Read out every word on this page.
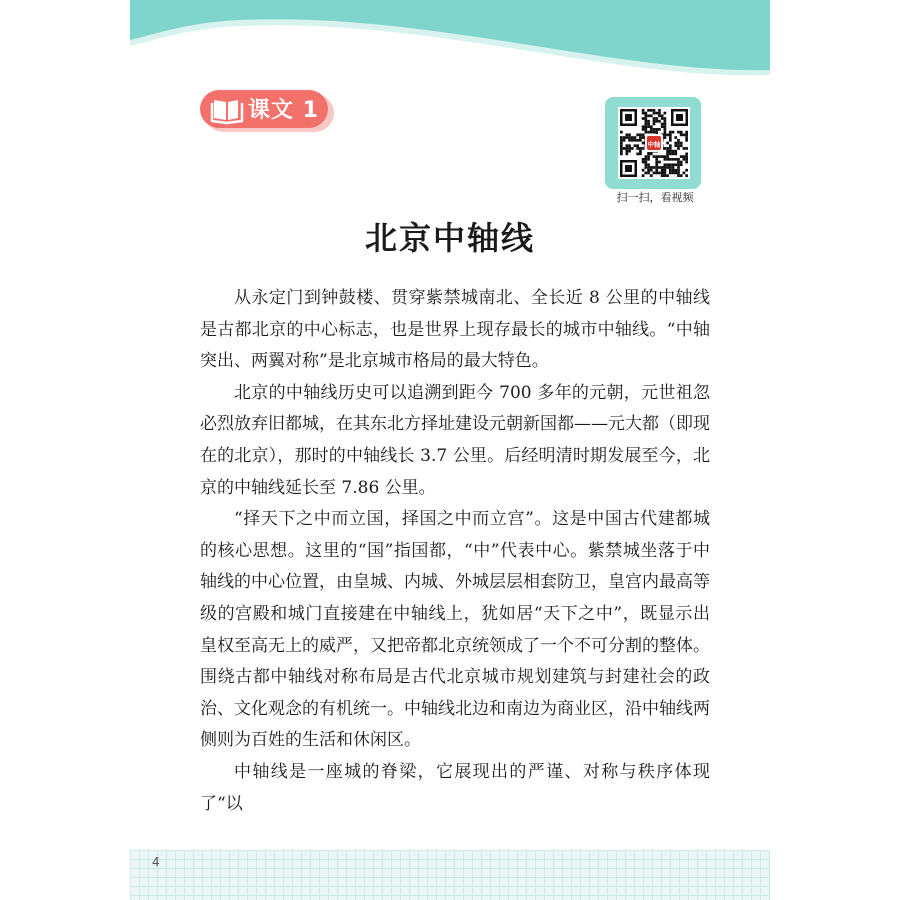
课文 1
中轴
扫一扫，看视频
北京中轴线

从永定门到钟鼓楼、贯穿紫禁城南北、全长近 8 公里的中轴线是古都北京的中心标志，也是世界上现存最长的城市中轴线。“中轴突出、两翼对称”是北京城市格局的最大特色。

北京的中轴线历史可以追溯到距今 700 多年的元朝，元世祖忽必烈放弃旧都城，在其东北方择址建设元朝新国都——元大都（即现在的北京），那时的中轴线长 3.7 公里。后经明清时期发展至今，北京的中轴线延长至 7.86 公里。

“择天下之中而立国，择国之中而立宫”。这是中国古代建都城的核心思想。这里的“国”指国都，“中”代表中心。紫禁城坐落于中轴线的中心位置，由皇城、内城、外城层层相套防卫，皇宫内最高等级的宫殿和城门直接建在中轴线上，犹如居“天下之中”，既显示出皇权至高无上的威严，又把帝都北京统领成了一个不可分割的整体。围绕古都中轴线对称布局是古代北京城市规划建筑与封建社会的政治、文化观念的有机统一。中轴线北边和南边为商业区，沿中轴线两侧则为百姓的生活和休闲区。

中轴线是一座城的脊梁，它展现出的严谨、对称与秩序体现了“以

4
